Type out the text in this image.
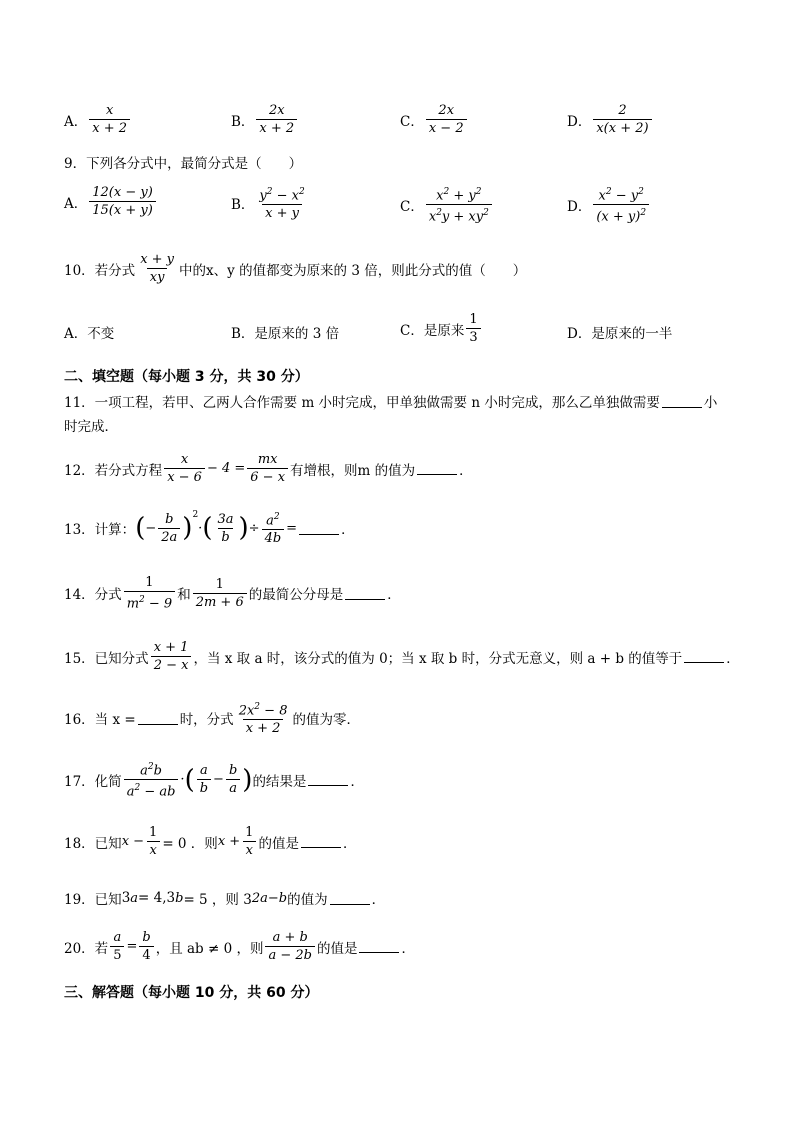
A． $\frac{x}{x + 2}$	B． $\frac{2x}{x + 2}$	C． $\frac{2x}{x - 2}$	D． $\frac{2}{x(x + 2)}$
9．下列各分式中，最简分式是（　　）
A． $\frac{12(x - y)}{15(x + y)}$	B． $\frac{y^2 - x^2}{x + y}$	C． $\frac{x^2 + y^2}{x^2y + xy^2}$	D． $\frac{x^2 - y^2}{(x + y)^2}$
10．若分式 $\frac{x + y}{xy}$ 中的x、y 的值都变为原来的 3 倍，则此分式的值（　　）
A．不变	B．是原来的 3 倍	C．是原来 $\frac{1}{3}$	D．是原来的一半
二、填空题（每小题 3 分，共 30 分）
11．一项工程，若甲、乙两人合作需要 m 小时完成，甲单独做需要 n 小时完成，那么乙单独做需要	小
时完成．
12．若分式方程 $\frac{x}{x - 6} - 4 = \frac{mx}{6 - x}$ 有增根，则m 的值为	．
13．计算： ( − $\frac{b}{2a} )^2$
· ( $\frac{3a}{b}$ ) ÷ $\frac{a^2}{4b}$ =	．
14．分式 $\frac{1}{m^2 - 9}$ 和 $\frac{1}{2m + 6}$ 的最简公分母是	．
15．已知分式 $\frac{x + 1}{2 - x}$ ，当 x 取 a 时，该分式的值为 0；当 x 取 b 时，分式无意义，则 a + b 的值等于	．
16．当 x =	时，分式 $\frac{2x^2 - 8}{x + 2}$ 的值为零．
17．化简 $\frac{a^2b}{a^2 - ab}$ · ( $\frac{a}{b} - \frac{b}{a}$ ) 的结果是	．
18．已知 $x - \frac{1}{x} = 0$ ．则 $x + \frac{1}{x}$ 的值是	．
19．已知 3 a = 4,3 b = 5 ，则 3 2a−b 的值为	．
20．若 $\frac{a}{5} = \frac{b}{4}$ ，且 ab ≠ 0 ，则 $\frac{a + b}{a - 2b}$ 的值是	．
三、解答题（每小题 10 分，共 60 分）
